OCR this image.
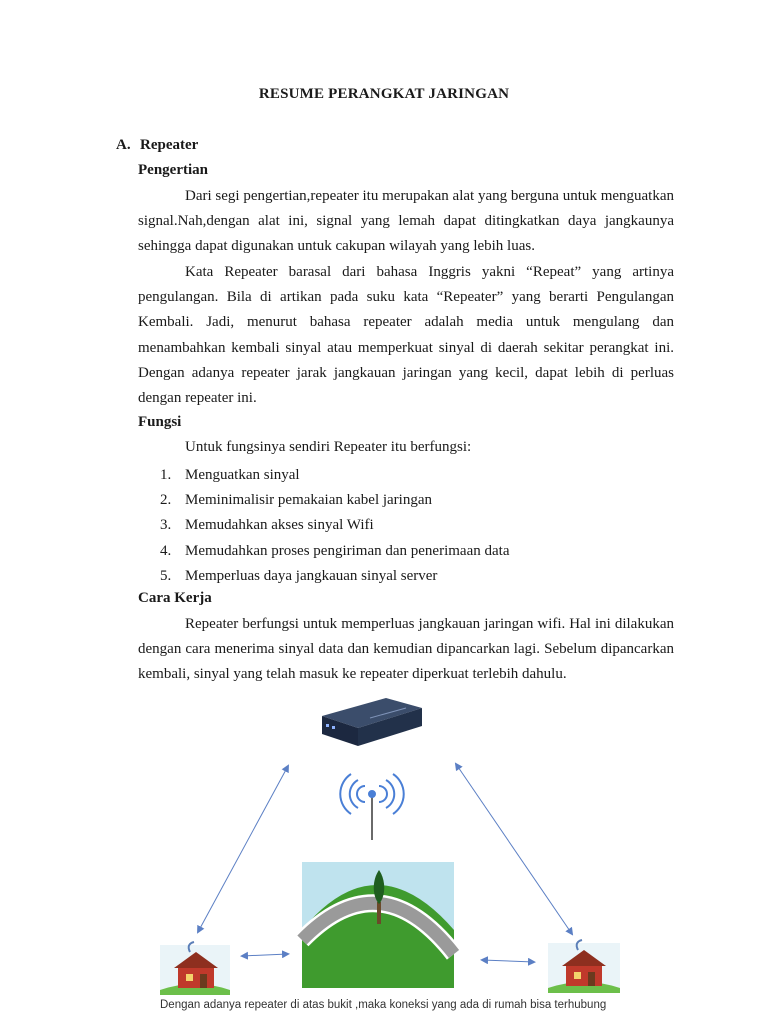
RESUME PERANGKAT JARINGAN
A. Repeater
Pengertian

Dari segi pengertian,repeater itu merupakan alat yang berguna untuk menguatkan signal.Nah,dengan alat ini, signal yang lemah dapat ditingkatkan daya jangkaunya sehingga dapat digunakan untuk cakupan wilayah yang lebih luas.

Kata Repeater barasal dari bahasa Inggris yakni “Repeat” yang artinya pengulangan. Bila di artikan pada suku kata “Repeater” yang berarti Pengulangan Kembali. Jadi, menurut bahasa repeater adalah media untuk mengulang dan menambahkan kembali sinyal atau memperkuat sinyal di daerah sekitar perangkat ini. Dengan adanya repeater jarak jangkauan jaringan yang kecil, dapat lebih di perluas dengan repeater ini.

Fungsi
Untuk fungsinya sendiri Repeater itu berfungsi:
1. Menguatkan sinyal
2. Meminimalisir pemakaian kabel jaringan
3. Memudahkan akses sinyal Wifi
4. Memudahkan proses pengiriman dan penerimaan data
5. Memperluas daya jangkauan sinyal server
Cara Kerja

Repeater berfungsi untuk memperluas jangkauan jaringan wifi. Hal ini dilakukan dengan cara menerima sinyal data dan kemudian dipancarkan lagi. Sebelum dipancarkan kembali, sinyal yang telah masuk ke repeater diperkuat terlebih dahulu.

Dengan adanya repeater di atas bukit ,maka koneksi yang ada di rumah bisa terhubung
